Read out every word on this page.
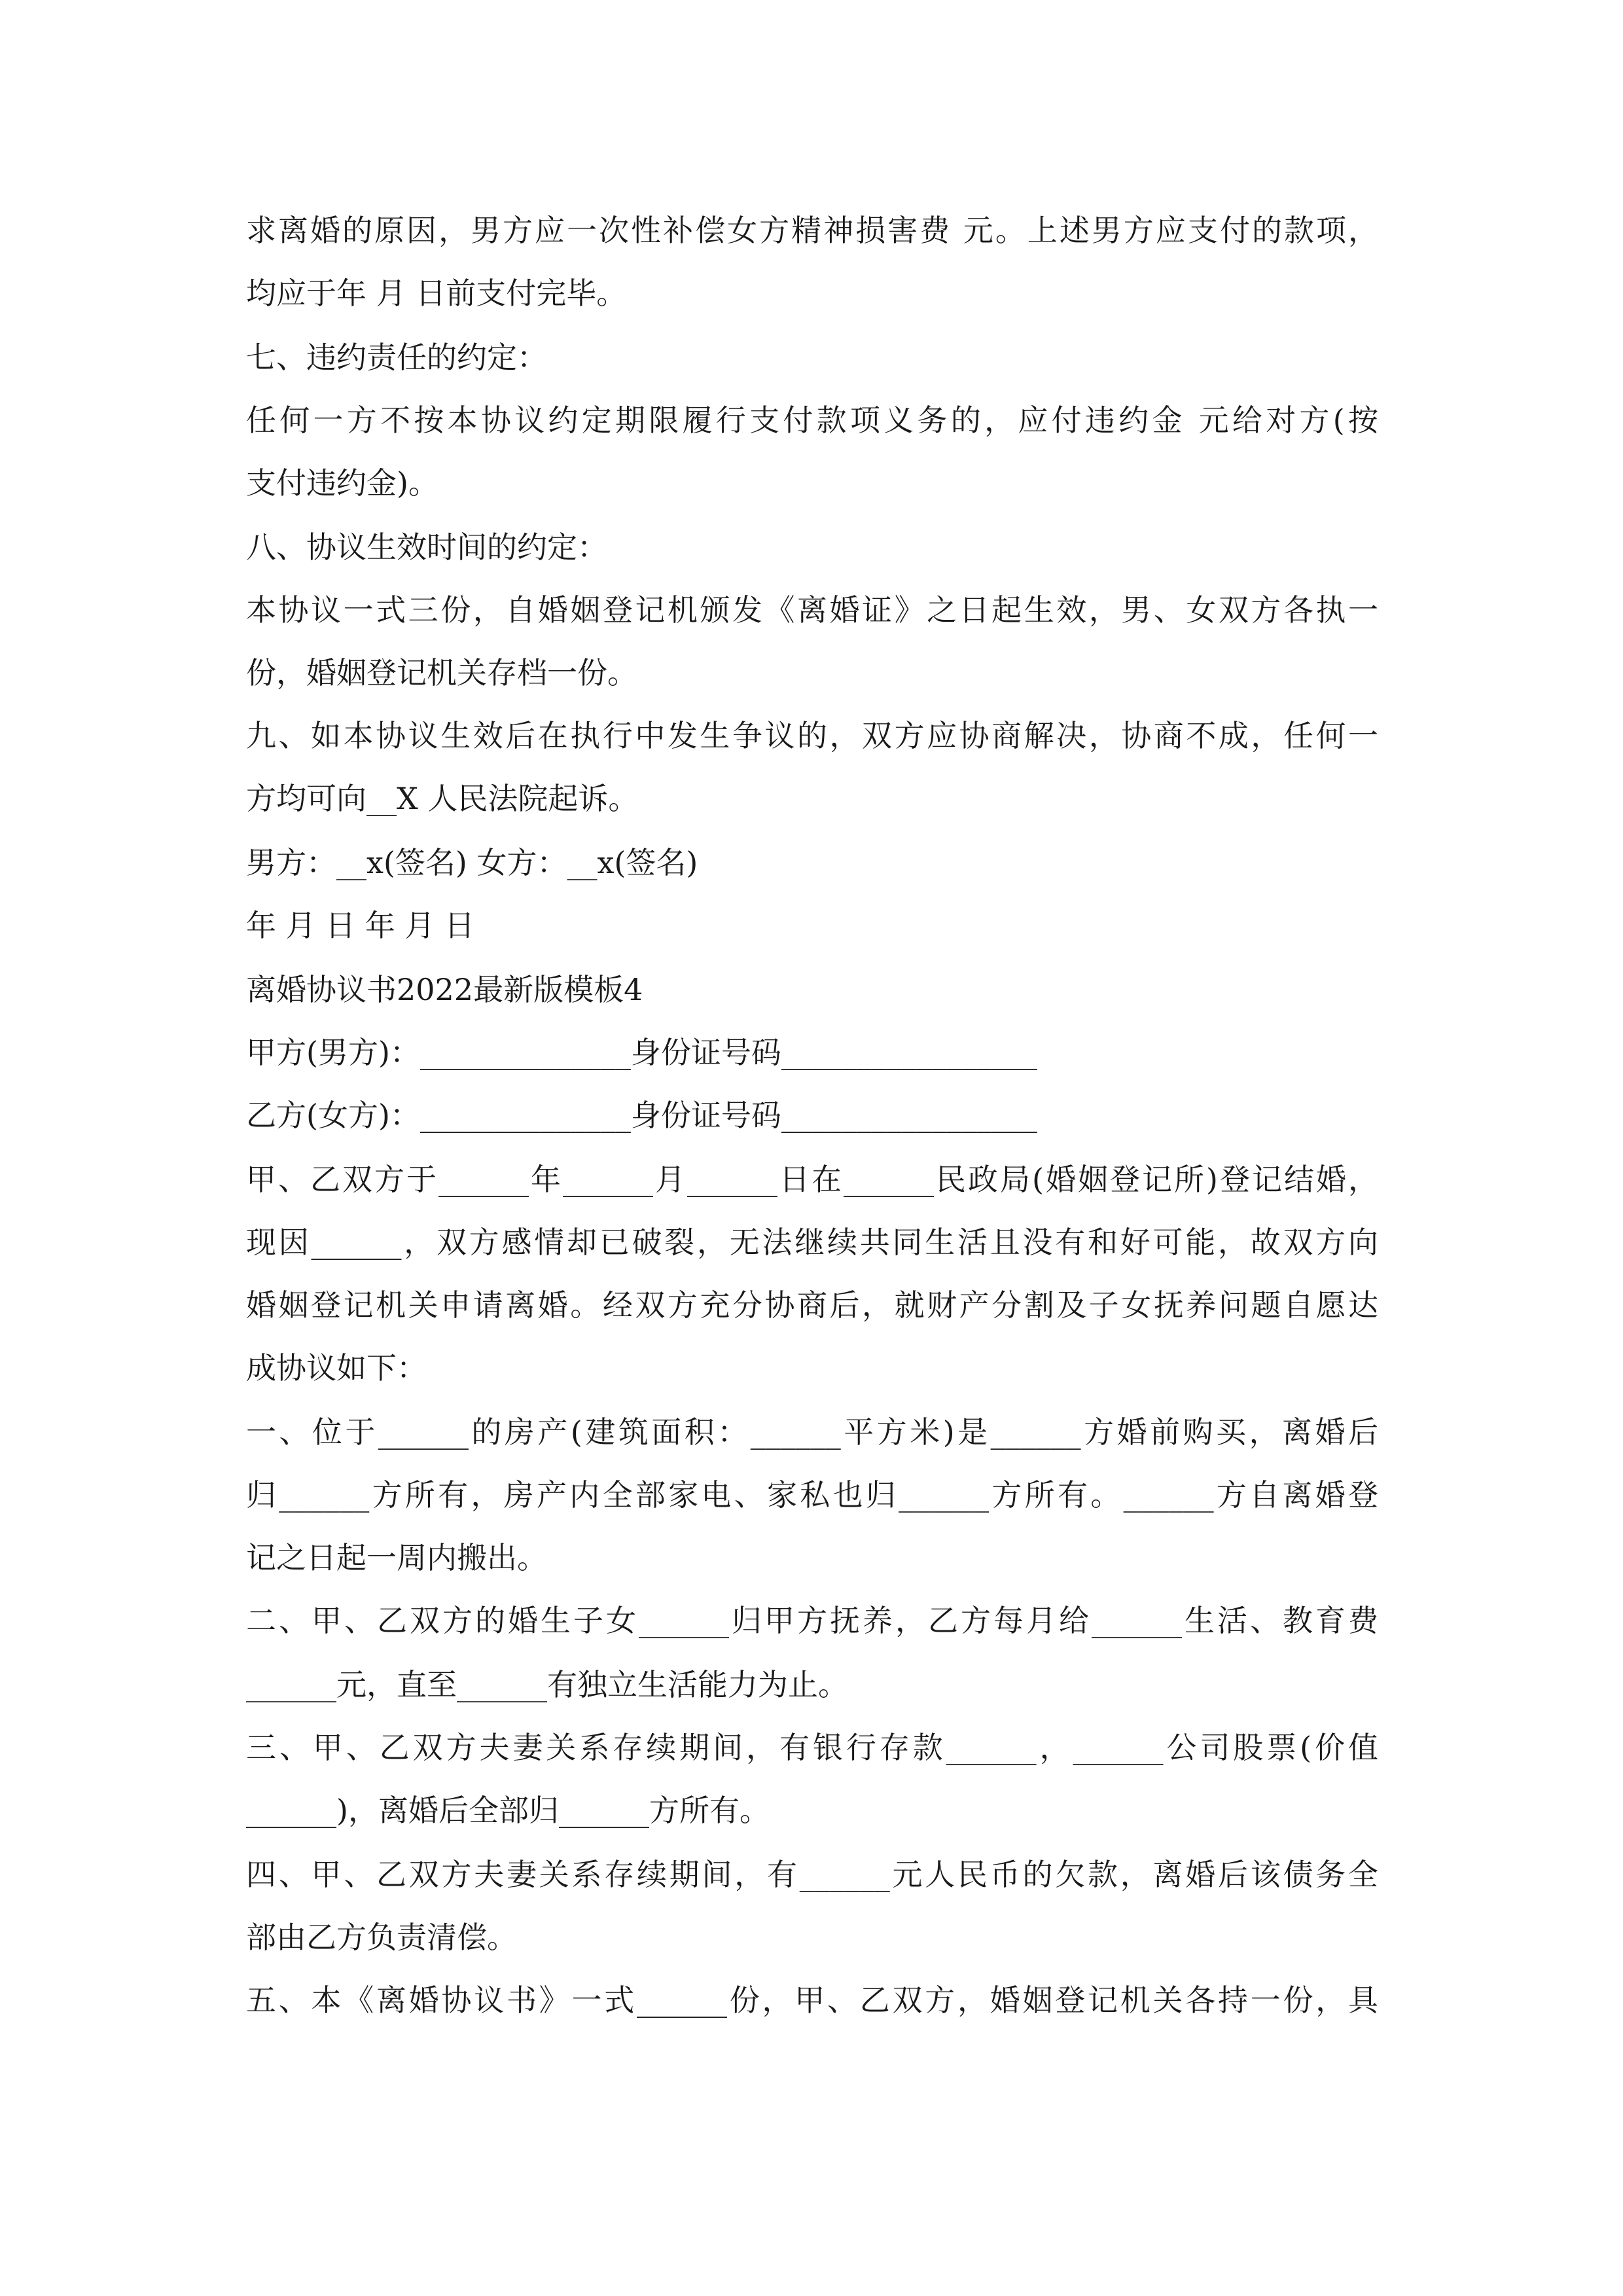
求离婚的原因，男方应一次性补偿女方精神损害费 元。上述男方应支付的款项，

均应于年 月 日前支付完毕。

七、违约责任的约定：

任何一方不按本协议约定期限履行支付款项义务的，应付违约金 元给对方(按

支付违约金)。

八、协议生效时间的约定：

本协议一式三份，自婚姻登记机颁发《离婚证》之日起生效，男、女双方各执一

份，婚姻登记机关存档一份。

九、如本协议生效后在执行中发生争议的，双方应协商解决，协商不成，任何一

方均可向__X 人民法院起诉。

男方：__x(签名) 女方：__x(签名)

年 月 日 年 月 日

离婚协议书2022最新版模板4

甲方(男方)：______________身份证号码_________________

乙方(女方)：______________身份证号码_________________

甲、乙双方于______年______月______日在______民政局(婚姻登记所)登记结婚，

现因______，双方感情却已破裂，无法继续共同生活且没有和好可能，故双方向

婚姻登记机关申请离婚。经双方充分协商后，就财产分割及子女抚养问题自愿达

成协议如下：

一、位于______的房产(建筑面积：______平方米)是______方婚前购买，离婚后

归______方所有，房产内全部家电、家私也归______方所有。______方自离婚登

记之日起一周内搬出。

二、甲、乙双方的婚生子女______归甲方抚养，乙方每月给______生活、教育费

______元，直至______有独立生活能力为止。

三、甲、乙双方夫妻关系存续期间，有银行存款______，______公司股票(价值

______)，离婚后全部归______方所有。

四、甲、乙双方夫妻关系存续期间，有______元人民币的欠款，离婚后该债务全

部由乙方负责清偿。

五、本《离婚协议书》一式______份，甲、乙双方，婚姻登记机关各持一份，具
